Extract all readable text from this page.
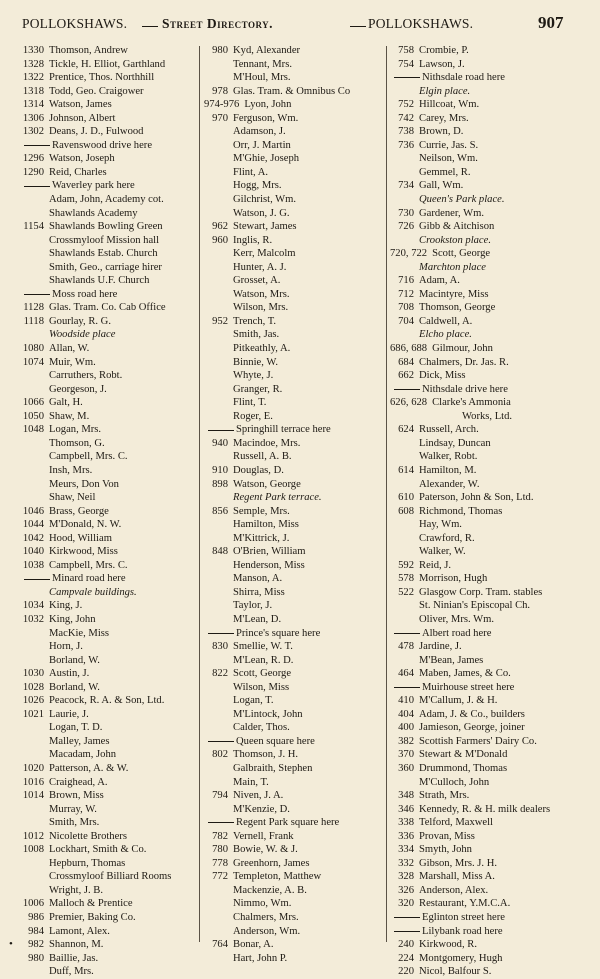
POLLOKSHAWS.	Street Directory.	POLLOKSHAWS.	907
1330 Thomson, Andrew
1328 Tickle, H. Elliot, Garthland
1322 Prentice, Thos. Northhill
1318 Todd, Geo. Craigower
1314 Watson, James
1306 Johnson, Albert
1302 Deans, J. D., Fulwood
Ravenswood drive here
1296 Watson, Joseph
1290 Reid, Charles
Waverley park here
Adam, John, Academy cot.
Shawlands Academy
1154 Shawlands Bowling Green
Crossmyloof Mission hall
Shawlands Estab. Church
Smith, Geo., carriage hirer
Shawlands U.F. Church
Moss road here
1128 Glas. Tram. Co. Cab Office
1118 Gourlay, R. G.
Woodside place
1080 Allan, W.
1074 Muir, Wm.
Carruthers, Robt.
Georgeson, J.
1066 Galt, H.
1050 Shaw, M.
1048 Logan, Mrs.
Thomson, G.
Campbell, Mrs. C.
Insh, Mrs.
Meurs, Don Von
Shaw, Neil
1046 Brass, George
1044 M'Donald, N. W.
1042 Hood, William
1040 Kirkwood, Miss
1038 Campbell, Mrs. C.
Minard road here
Campvale buildings.
1034 King, J.
1032 King, John
MacKie, Miss
Horn, J.
Borland, W.
1030 Austin, J.
1028 Borland, W.
1026 Peacock, R. A. & Son, Ltd.
1021 Laurie, J.
Logan, T. D.
Malley, James
Macadam, John
1020 Patterson, A. & W.
1016 Craighead, A.
1014 Brown, Miss
Murray, W.
Smith, Mrs.
1012 Nicolette Brothers
1008 Lockhart, Smith & Co.
Hepburn, Thomas
Crossmyloof Billiard Rooms
Wright, J. B.
1006 Malloch & Prentice
986 Premier, Baking Co.
984 Lamont, Alex.
•	982 Shannon, M.
980 Baillie, Jas.
Duff, Mrs.
980 Kyd, Alexander
Tennant, Mrs.
M'Houl, Mrs.
978 Glas. Tram. & Omnibus Co
974-976 Lyon, John
970 Ferguson, Wm.
Adamson, J.
Orr, J. Martin
M'Ghie, Joseph
Flint, A.
Hogg, Mrs.
Gilchrist, Wm.
Watson, J. G.
962 Stewart, James
960 Inglis, R.
Kerr, Malcolm
Hunter, A. J.
Grosset, A.
Watson, Mrs.
Wilson, Mrs.
952 Trench, T.
Smith, Jas.
Pitkeathly, A.
Binnie, W.
Whyte, J.
Granger, R.
Flint, T.
Roger, E.
Springhill terrace here
940 Macindoe, Mrs.
Russell, A. B.
910 Douglas, D.
898 Watson, George
Regent Park terrace.
856 Semple, Mrs.
Hamilton, Miss
M'Kittrick, J.
848 O'Brien, William
Henderson, Miss
Manson, A.
Shirra, Miss
Taylor, J.
M'Lean, D.
Prince's square here
830 Smellie, W. T.
M'Lean, R. D.
822 Scott, George
Wilson, Miss
Logan, T.
M'Lintock, John
Calder, Thos.
Queen square here
802 Thomson, J. H.
Galbraith, Stephen
Main, T.
794 Niven, J. A.
M'Kenzie, D.
Regent Park square here
782 Vernell, Frank
780 Bowie, W. & J.
778 Greenhorn, James
772 Templeton, Matthew
Mackenzie, A. B.
Nimmo, Wm.
Chalmers, Mrs.
Anderson, Wm.
764 Bonar, A.
Hart, John P.
758 Crombie, P.
754 Lawson, J.
Nithsdale road here
Elgin place.
752 Hillcoat, Wm.
742 Carey, Mrs.
738 Brown, D.
736 Currie, Jas. S.
Neilson, Wm.
Gemmel, R.
734 Gall, Wm.
Queen's Park place.
730 Gardener, Wm.
726 Gibb & Aitchison
Crookston place.
720, 722 Scott, George
Marchton place
716 Adam, A.
712 Macintyre, Miss
708 Thomson, George
704 Caldwell, A.
Elcho place.
686, 688 Gilmour, John
684 Chalmers, Dr. Jas. R.
662 Dick, Miss
Nithsdale drive here
626, 628 Clarke's Ammonia
Works, Ltd.
624 Russell, Arch.
Lindsay, Duncan
Walker, Robt.
614 Hamilton, M.
Alexander, W.
610 Paterson, John & Son, Ltd.
608 Richmond, Thomas
Hay, Wm.
Crawford, R.
Walker, W.
592 Reid, J.
578 Morrison, Hugh
522 Glasgow Corp. Tram. stables
St. Ninian's Episcopal Ch.
Oliver, Mrs. Wm.
Albert road here
478 Jardine, J.
M'Bean, James
464 Maben, James, & Co.
Muirhouse street here
410 M'Callum, J. & H.
404 Adam, J. & Co., builders
400 Jamieson, George, joiner
382 Scottish Farmers' Dairy Co.
370 Stewart & M'Donald
360 Drummond, Thomas
M'Culloch, John
348 Strath, Mrs.
346 Kennedy, R. & H. milk dealers
338 Telford, Maxwell
336 Provan, Miss
334 Smyth, John
332 Gibson, Mrs. J. H.
328 Marshall, Miss A.
326 Anderson, Alex.
320 Restaurant, Y.M.C.A.
Eglinton street here
Lilybank road here
240 Kirkwood, R.
224 Montgomery, Hugh
220 Nicol, Balfour S.
